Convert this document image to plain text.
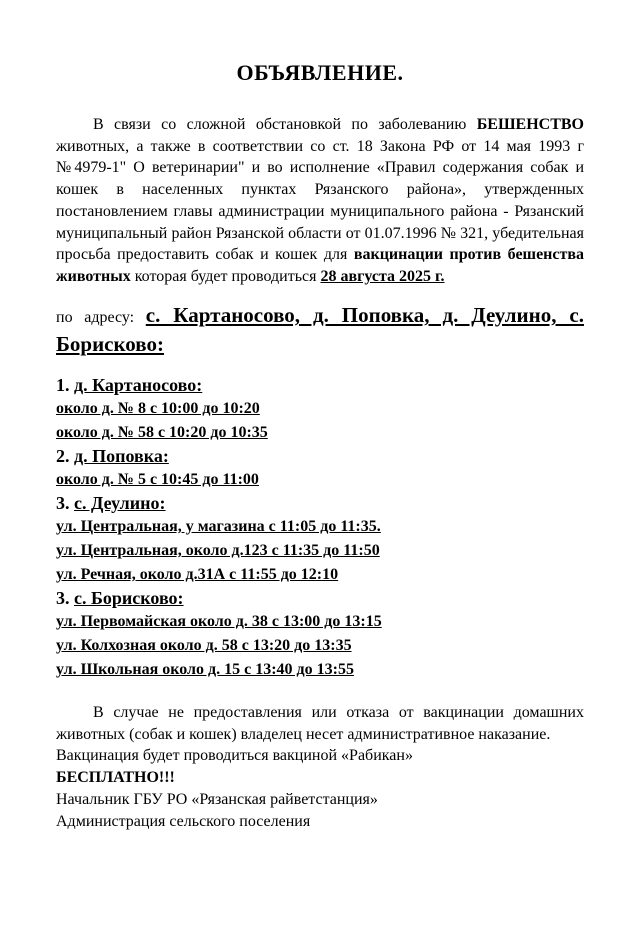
ОБЪЯВЛЕНИЕ.
В связи со сложной обстановкой по заболеванию БЕШЕНСТВО животных, а также в соответствии со ст. 18 Закона РФ от 14 мая 1993 г №4979-1" О ветеринарии" и во исполнение «Правил содержания собак и кошек в населенных пунктах Рязанского района», утвержденных постановлением главы администрации муниципального района - Рязанский муниципальный район Рязанской области от 01.07.1996 № 321, убедительная просьба предоставить собак и кошек для вакцинации против бешенства животных которая будет проводиться 28 августа 2025 г.
по адресу: с. Картаносово, д. Поповка, д. Деулино, с. Борисково:
1. д. Картаносово:
около д. № 8 с 10:00 до 10:20
около д. № 58 с 10:20 до 10:35
2. д. Поповка:
около д. № 5 с 10:45 до 11:00
3. с. Деулино:
ул. Центральная, у магазина с 11:05 до 11:35.
ул. Центральная, около д.123 с 11:35 до 11:50
ул. Речная, около д.31А с 11:55 до 12:10
3. с. Борисково:
ул. Первомайская около д. 38 с 13:00 до 13:15
ул. Колхозная около д. 58 с 13:20 до 13:35
ул. Школьная около д. 15 с 13:40 до 13:55
В случае не предоставления или отказа от вакцинации домашних животных (собак и кошек) владелец несет административное наказание.
Вакцинация будет проводиться вакциной «Рабикан»
БЕСПЛАТНО!!!
Начальник ГБУ РО «Рязанская райветстанция»
Администрация сельского поселения
